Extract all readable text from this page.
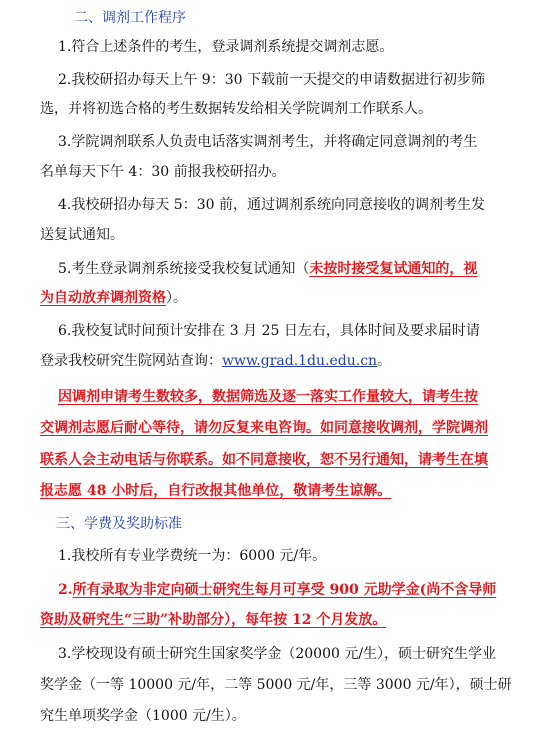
二、调剂工作程序
1.符合上述条件的考生，登录调剂系统提交调剂志愿。
2.我校研招办每天上午 9：30 下载前一天提交的申请数据进行初步筛
选，并将初选合格的考生数据转发给相关学院调剂工作联系人。
3.学院调剂联系人负责电话落实调剂考生，并将确定同意调剂的考生
名单每天下午 4：30 前报我校研招办。
4.我校研招办每天 5：30 前，通过调剂系统向同意接收的调剂考生发
送复试通知。
5.考生登录调剂系统接受我校复试通知（未按时接受复试通知的，视
为自动放弃调剂资格）。
6.我校复试时间预计安排在 3 月 25 日左右，具体时间及要求届时请
登录我校研究生院网站查询：www.grad.1du.edu.cn。
因调剂申请考生数较多，数据筛选及逐一落实工作量较大，请考生按
交调剂志愿后耐心等待，请勿反复来电咨询。如同意接收调剂，学院调剂
联系人会主动电话与你联系。如不同意接收，恕不另行通知，请考生在填
报志愿 48 小时后，自行改报其他单位，敬请考生谅解。
三、学费及奖助标准
1.我校所有专业学费统一为：6000 元/年。
2.所有录取为非定向硕士研究生每月可享受 900 元助学金(尚不含导师
资助及研究生“三助”补助部分），每年按 12 个月发放。
3.学校现设有硕士研究生国家奖学金（20000 元/生），硕士研究生学业
奖学金（一等 10000 元/年，二等 5000 元/年，三等 3000 元/年），硕士研
究生单项奖学金（1000 元/生）。
